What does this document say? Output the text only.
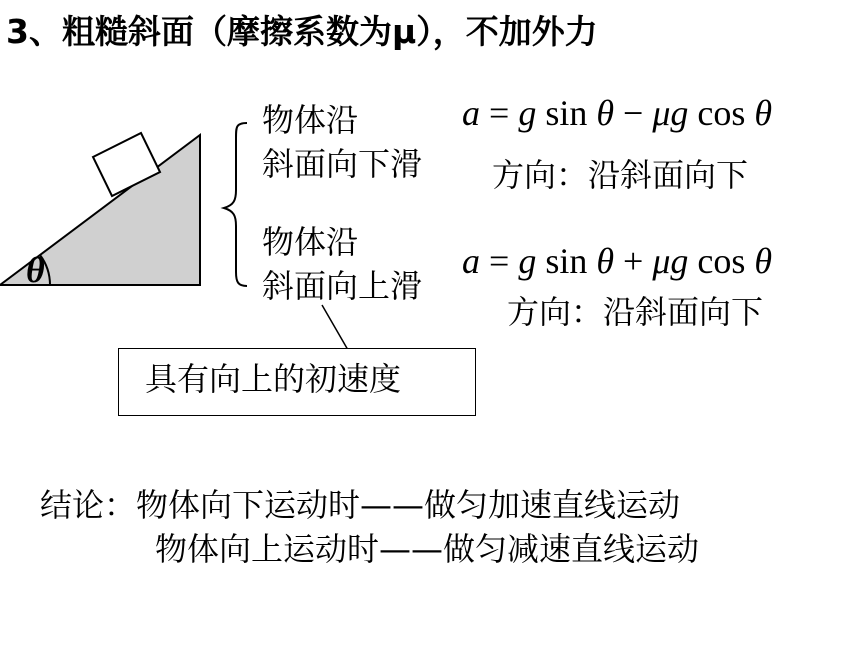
3、粗糙斜面（摩擦系数为μ），不加外力
θ
物体沿
斜面向下滑
a = g sin θ − μg cos θ
方向：沿斜面向下
物体沿
斜面向上滑
a = g sin θ + μg cos θ
方向：沿斜面向下
具有向上的初速度
结论：物体向下运动时——做匀加速直线运动
物体向上运动时——做匀减速直线运动
